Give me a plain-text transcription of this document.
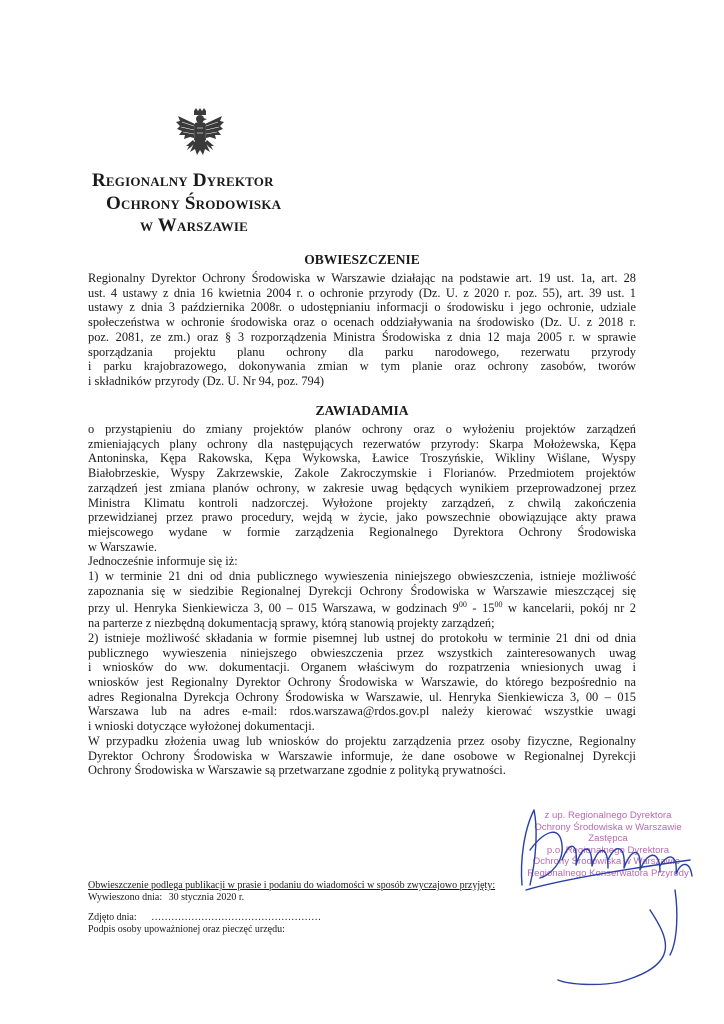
Regionalny Dyrektor
Ochrony Środowiska
w Warszawie
OBWIESZCZENIE
Regionalny Dyrektor Ochrony Środowiska w Warszawie działając na podstawie art. 19 ust. 1a, art. 28
ust. 4 ustawy z dnia 16 kwietnia 2004 r. o ochronie przyrody (Dz. U. z 2020 r. poz. 55), art. 39 ust. 1
ustawy z dnia 3 października 2008r. o udostępnianiu informacji o środowisku i jego ochronie, udziale
społeczeństwa w ochronie środowiska oraz o ocenach oddziaływania na środowisko (Dz. U. z 2018 r.
poz. 2081, ze zm.) oraz § 3 rozporządzenia Ministra Środowiska z dnia 12 maja 2005 r. w sprawie
sporządzania projektu planu ochrony dla parku narodowego, rezerwatu przyrody
i parku krajobrazowego, dokonywania zmian w tym planie oraz ochrony zasobów, tworów
i składników przyrody (Dz. U. Nr 94, poz. 794)
ZAWIADAMIA
o przystąpieniu do zmiany projektów planów ochrony oraz o wyłożeniu projektów zarządzeń
zmieniających plany ochrony dla następujących rezerwatów przyrody: Skarpa Mołożewska, Kępa
Antoninska, Kępa Rakowska, Kępa Wykowska, Ławice Troszyńskie, Wikliny Wiślane, Wyspy
Białobrzeskie, Wyspy Zakrzewskie, Zakole Zakroczymskie i Florianów. Przedmiotem projektów
zarządzeń jest zmiana planów ochrony, w zakresie uwag będących wynikiem przeprowadzonej przez
Ministra Klimatu kontroli nadzorczej. Wyłożone projekty zarządzeń, z chwilą zakończenia
przewidzianej przez prawo procedury, wejdą w życie, jako powszechnie obowiązujące akty prawa
miejscowego wydane w formie zarządzenia Regionalnego Dyrektora Ochrony Środowiska
w Warszawie.
Jednocześnie informuje się iż:
1) w terminie 21 dni od dnia publicznego wywieszenia niniejszego obwieszczenia, istnieje możliwość
zapoznania się w siedzibie Regionalnej Dyrekcji Ochrony Środowiska w Warszawie mieszczącej się
przy ul. Henryka Sienkiewicza 3, 00 – 015 Warszawa, w godzinach $9^{00} - 15^{00}$ w kancelarii, pokój nr 2
na parterze z niezbędną dokumentacją sprawy, którą stanowią projekty zarządzeń;
2) istnieje możliwość składania w formie pisemnej lub ustnej do protokołu w terminie 21 dni od dnia
publicznego wywieszenia niniejszego obwieszczenia przez wszystkich zainteresowanych uwag
i wniosków do ww. dokumentacji. Organem właściwym do rozpatrzenia wniesionych uwag i
wniosków jest Regionalny Dyrektor Ochrony Środowiska w Warszawie, do którego bezpośrednio na
adres Regionalna Dyrekcja Ochrony Środowiska w Warszawie, ul. Henryka Sienkiewicza 3, 00 – 015
Warszawa lub na adres e-mail: rdos.warszawa@rdos.gov.pl należy kierować wszystkie uwagi
i wnioski dotyczące wyłożonej dokumentacji.
W przypadku złożenia uwag lub wniosków do projektu zarządzenia przez osoby fizyczne, Regionalny
Dyrektor Ochrony Środowiska w Warszawie informuje, że dane osobowe w Regionalnej Dyrekcji
Ochrony Środowiska w Warszawie są przetwarzane zgodnie z polityką prywatności.
z up. Regionalnego Dyrektora
Ochrony Środowiska w Warszawie
Zastępca
p.o. Regionalnego Dyrektora
Ochrony Środowiska w Warszawie-
Regionalnego Konserwatora Przyrody
Obwieszczenie podlega publikacji w prasie i podaniu do wiadomości w sposób zwyczajowo przyjęty:
Wywieszono dnia: 30 stycznia 2020 r.
Zdjęto dnia: ……………………………………………
Podpis osoby upoważnionej oraz pieczęć urzędu:
